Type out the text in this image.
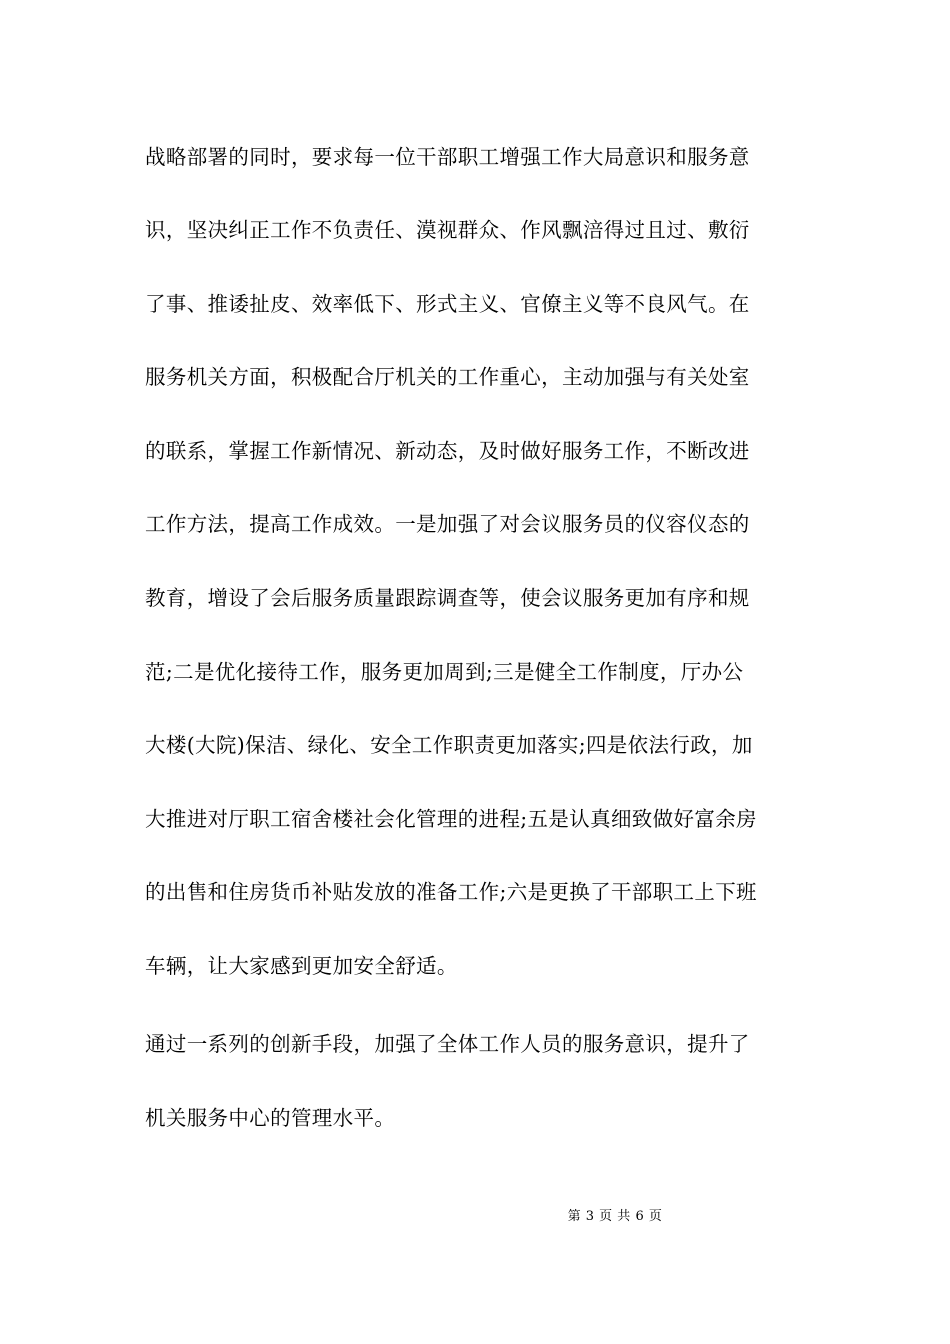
战略部署的同时，要求每一位干部职工增强工作大局意识和服务意
识，坚决纠正工作不负责任、漠视群众、作风飘涪得过且过、敷衍
了事、推诿扯皮、效率低下、形式主义、官僚主义等不良风气。在
服务机关方面，积极配合厅机关的工作重心，主动加强与有关处室
的联系，掌握工作新情况、新动态，及时做好服务工作，不断改进
工作方法，提高工作成效。一是加强了对会议服务员的仪容仪态的
教育，增设了会后服务质量跟踪调查等，使会议服务更加有序和规
范;二是优化接待工作，服务更加周到;三是健全工作制度，厅办公
大楼(大院)保洁、绿化、安全工作职责更加落实;四是依法行政，加
大推进对厅职工宿舍楼社会化管理的进程;五是认真细致做好富余房
的出售和住房货币补贴发放的准备工作;六是更换了干部职工上下班
车辆，让大家感到更加安全舒适。
通过一系列的创新手段，加强了全体工作人员的服务意识，提升了
机关服务中心的管理水平。
第 3 页 共 6 页
